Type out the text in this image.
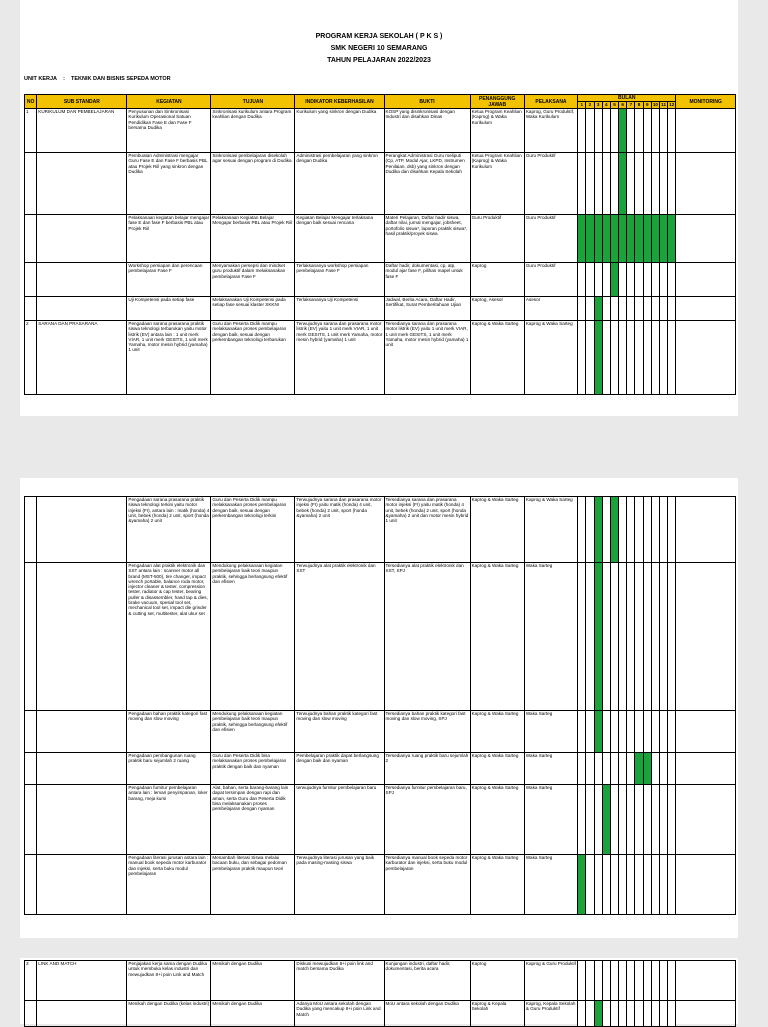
PROGRAM KERJA SEKOLAH ( P K S )
SMK NEGERI 10 SEMARANG
TAHUN PELAJARAN 2022/2023
UNIT KERJA : TEKNIK DAN BISNIS SEPEDA MOTOR
NO	SUB STANDAR	KEGIATAN	TUJUAN	INDIKATOR KEBERHASILAN	BUKTI	PENANGGUNG JAWAB	PELAKSANA	BULAN												MONITORING
								1	2	3	4	5	6	7	8	9	10	11	12	
1	KURIKULUM DAN PEMBELAJARAN	Penyusunan dan Sinkronisasi Kurikulum Operasional Satuan Pendidikan Fase E dan Fase F bersama Dudika	Sinkronisasi kurikulum antara Program keahlian dengan Dudika	Kurikulum yang sinkron dengan Dudika	KOSP yang disinkronisasi dengan Industri dan disahkan Dinas	Ketua Program Keahlian (Kaprog) & Waka Kurikulum	Kaprog, Guru Produktif, Waka Kurikulum													
		Pembuatan Administrasi mengajar Guru Fase E dan Fase F berbasis PBL atau Projek Riil yang sinkron dengan Dudika	Sinkronisasi pembelajaran disekolah agar sesuai dengan program di Dudika	Administrasi pembelajaran yang sinkron dengan Dudika	Perangkat Administrasi Guru meliputi (Cp, ATP, Modul Ajar, LKPD, Instrumen Penilaian, dsb) yang sinkron dengan Dudika dan disahkan Kepala Sekolah	Ketua Program Keahlian (Kaprog) & Waka Kurikulum	Guru Produktif													
		Pelaksanaan kegiatan belajar mengajar fase E dan fase F berbasis PBL atau Projek Riil	Pelaksanaan Kegiatan Belajar Mengajar berbasis PBL atau Projek Riil	Kegiatan Belajar Mengajar terlaksana dengan baik sesuai rencana	Materi Pelajaran, Daftar hadir siswa, daftar nilai, jurnal mengajar, jobsheet, portofolio siswa*, laporan praktik siswa*, hasil praktik/proyek siswa	Guru Produktif	Guru Produktif													
		Workshop persiapan dan perencaan pembelajaran Fase F	Menyamakan persepsi dan mindset guru produktif dalam melaksanakan pembelajaran Fase F	Terlaksananya workshop persiapan pembelajaran Fase F	Daftar hadir, dokumentasi, cp, atp, modul ajar fase F, pilihan mapel untuk fase F	Kaprog	Guru Produktif													
		Uji Kompetensi pada setiap fase	Melaksanakan Uji Kompetensi pada setiap fase sesuai klaster SKKNI	Terlaksananya Uji Kompetensi	Jadwal, Berita Acara, Daftar Hadir, Sertifikat, Surat Pemberitahuan Ujian	Kaprog, Asesor	Asesor													
2	SARANA DAN PRASARANA	Pengadaan sarana prasarana praktik siswa teknologi terbarukan yaitu motor listrik (EV) antara lain : 1 unit merk VIAR, 1 unit merk GESITS, 1 unit merk Yamaha, motor mesin hybrid (yamaha) 1 unit	Guru dan Peserta Didik mampu melaksanakan proses pembelajaran dengan baik, sesuai dengan perkembangan teknologi terbarukan	Terwujudnya sarana dan prasarana motor listrik (EV) yaitu 1 unit merk VIAR, 1 unit merk GESITS, 1 unit merk Yamaha, motor mesin hybrid (yamaha) 1 unit	Tersedianya sarana dan prasarana motor listrik (EV) yaitu 1 unit merk VIAR, 1 unit merk GESITS, 1 unit merk Yamaha, motor mesin hybrid (yamaha) 1 unit	Kaprog & Waka Sarteg	Kaprog & Waka Sarteg													
		Pengadaan sarana prasarana praktik siswa teknologi terkini yaitu motor injeksi (FI), antara lain : matik (honda) 4 unit, bebek (honda) 2 unit, sport (honda &yamaha) 2 unit	Guru dan Peserta Didik mampu melaksanakan proses pembelajaran dengan baik, sesuai dengan perkembangan teknologi terkini	Terwujudnya sarana dan prasarana motor injeksi (FI) yaitu matik (honda) 4 unit, bebek (honda) 2 unit, sport (honda &yamaha) 2 unit	Tersedianya sarana dan prasarana motor injeksi (FI) yaitu matik (honda) 4 unit, bebek (honda) 2 unit, sport (honda &yamaha) 2 unit dan motor mesin hybrid 1 unit	Kaprog & Waka Sarteg	Kaprog & Waka Sarteg													
		Pengadaan alat praktik elektronik dan SST antara lain : scanner motor all brand (MST-500), tire changer, impact wrench portable, balance roda motor, injector cleaner & tester, compression tester, radiator & cap tester, bearing puller & disassembler, hand tap & dies, brake vacuum, spesial tool set, mechanical tool set, impact die grinder & cutting set, multitester, alat ukur set	Mendukung pelaksanaan kegiatan pembelajaran baik teori maupun praktik, sehingga berlangsung efektif dan efisien	Terwujudnya alat praktik elektronik dan SST	Tersedianya alat praktik elektronik dan SST, SPJ	Kaprog & Waka Sarteg	Waka Sarteg													
		Pengadaan bahan praktik kategori fast moving dan slow moving	Mendukung pelaksanaan kegiatan pembelajaran baik teori maupun praktik, sehingga berlangsung efektif dan efisien	Terwujudnya bahan praktik kategori fast moving dan slow moving	Tersedianya bahan praktik kategori fast moving dan slow moving, SPJ	Kaprog & Waka Sarteg	Waka Sarteg													
		Pengadaan pembangunan ruang praktik baru sejumlah 2 ruang	Guru dan Peserta Didik bisa melaksanakan proses pembelajaran praktik dengan baik dan nyaman	Pembelajaran praktik dapat berlangsung dengan baik dan nyaman	Tersedianya ruang praktik baru sejumlah 2	Kaprog & Waka Sarteg	Waka Sarteg													
		Pengadaan furnitur pembelajaran antara lain : lemari penyimpanan, loker barang, meja kursi	Alat, bahan, serta barang-barang lain dapat tersimpan dengan rapi dan aman, serta Guru dan Peserta Didik bisa melaksanakan proses pembelajaran dengan nyaman	terwujudnya furnitur pembelajaran baru	Tersedianya furnitur pembelajaran baru, SPJ	Kaprog & Waka Sarteg	Waka Sarteg													
		Pengadaan literasi jurusan antara lain : manual book sepeda motor karburator dan injeksi, serta buku modul pembelajaran	Menambah literasi Siswa melalui bacaan buku, dan sebagai pedoman pembelajaran praktik maupun teori	Terwujudnya literasi jurusan yang baik pada masing-masing siswa	Tersedianya manual book sepeda motor karburator dan injeksi, serta buku modul pembelajaran	Kaprog & Waka Sarteg	Waka Sarteg													
3	LINK AND MATCH	Penjajakan kerja sama dengan Dudika untuk membuka kelas industri dan mewujudkan 8+i poin Link and Match	Menikah dengan Dudika	Diskusi mewujudkan 8+i poin link and match bersama Dudika	Kunjungan industri, daftar hadir, dokumentasi, berita acara	Kaprog	Kaprog & Guru Produktif													
		Menikah dengan Dudika (kelas industri)	Menikah dengan Dudika	Adanya MoU antara sekolah dengan Dudika yang mencakup 8+i poin Link and Match	MoU antara sekolah dengan Dudika	Kaprog & Kepala Sekolah	Kaprog, Kepala Sekolah & Guru Produktif													
